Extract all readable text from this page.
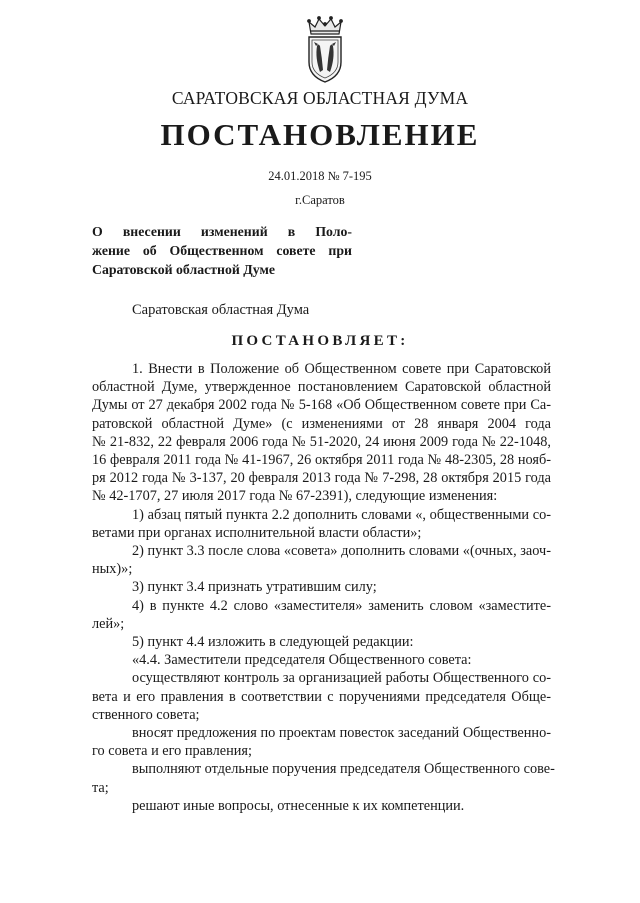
САРАТОВСКАЯ ОБЛАСТНАЯ ДУМА
ПОСТАНОВЛЕНИЕ
24.01.2018 № 7-195
г.Саратов
О внесении изменений в Поло-
жение об Общественном совете при
Саратовской областной Думе
Саратовская областная Дума
ПОСТАНОВЛЯЕТ:
1. Внести в Положение об Общественном совете при Саратовской
областной Думе, утвержденное постановлением Саратовской областной
Думы от 27 декабря 2002 года № 5-168 «Об Общественном совете при Са-
ратовской областной Думе» (с изменениями от 28 января 2004 года
№ 21-832, 22 февраля 2006 года № 51-2020, 24 июня 2009 года № 22-1048,
16 февраля 2011 года № 41-1967, 26 октября 2011 года № 48-2305, 28 нояб-
ря 2012 года № 3-137, 20 февраля 2013 года № 7-298, 28 октября 2015 года
№ 42-1707, 27 июля 2017 года № 67-2391), следующие изменения:
1) абзац пятый пункта 2.2 дополнить словами «, общественными со-
ветами при органах исполнительной власти области»;
2) пункт 3.3 после слова «совета» дополнить словами «(очных, заоч-
ных)»;
3) пункт 3.4 признать утратившим силу;
4) в пункте 4.2 слово «заместителя» заменить словом «заместите-
лей»;
5) пункт 4.4 изложить в следующей редакции:
«4.4. Заместители председателя Общественного совета:
осуществляют контроль за организацией работы Общественного со-
вета и его правления в соответствии с поручениями председателя Обще-
ственного совета;
вносят предложения по проектам повесток заседаний Общественно-
го совета и его правления;
выполняют отдельные поручения председателя Общественного сове-
та;
решают иные вопросы, отнесенные к их компетенции.
